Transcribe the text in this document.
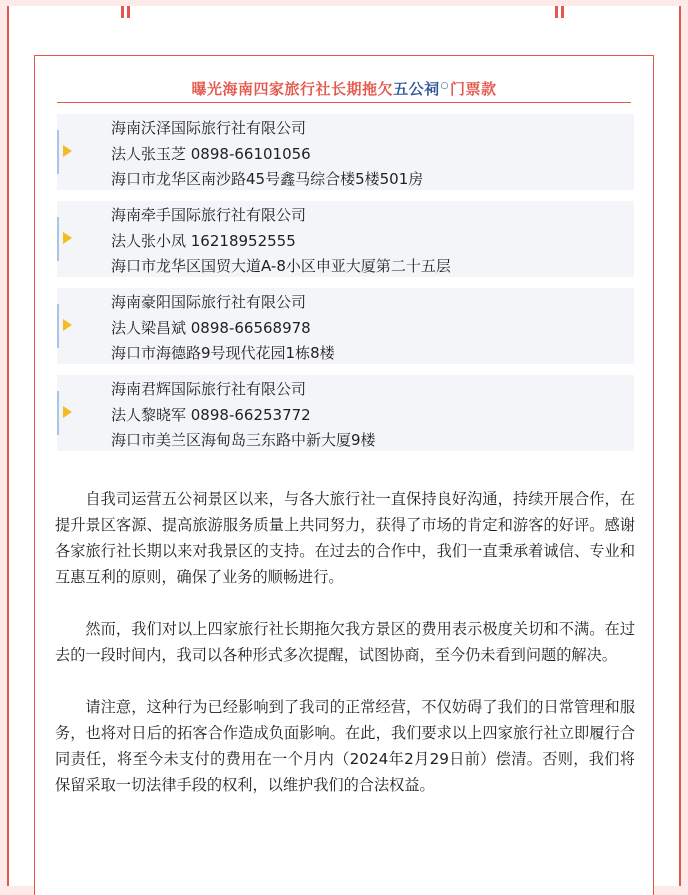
曝光海南四家旅行社长期拖欠五公祠○门票款
海南沃泽国际旅行社有限公司
法人张玉芝 0898-66101056
海口市龙华区南沙路45号鑫马综合楼5楼501房
海南牵手国际旅行社有限公司
法人张小凤 16218952555
海口市龙华区国贸大道A-8小区申亚大厦第二十五层
海南豪阳国际旅行社有限公司
法人梁昌斌 0898-66568978
海口市海德路9号现代花园1栋8楼
海南君辉国际旅行社有限公司
法人黎晓军 0898-66253772
海口市美兰区海甸岛三东路中新大厦9楼

自我司运营五公祠景区以来，与各大旅行社一直保持良好沟通，持续开展合作，在提升景区客源、提高旅游服务质量上共同努力，获得了市场的肯定和游客的好评。感谢各家旅行社长期以来对我景区的支持。在过去的合作中，我们一直秉承着诚信、专业和互惠互利的原则，确保了业务的顺畅进行。

然而，我们对以上四家旅行社长期拖欠我方景区的费用表示极度关切和不满。在过去的一段时间内，我司以各种形式多次提醒，试图协商，至今仍未看到问题的解决。

请注意，这种行为已经影响到了我司的正常经营，不仅妨碍了我们的日常管理和服务，也将对日后的拓客合作造成负面影响。在此，我们要求以上四家旅行社立即履行合同责任，将至今未支付的费用在一个月内（2024年2月29日前）偿清。否则，我们将保留采取一切法律手段的权利，以维护我们的合法权益。
